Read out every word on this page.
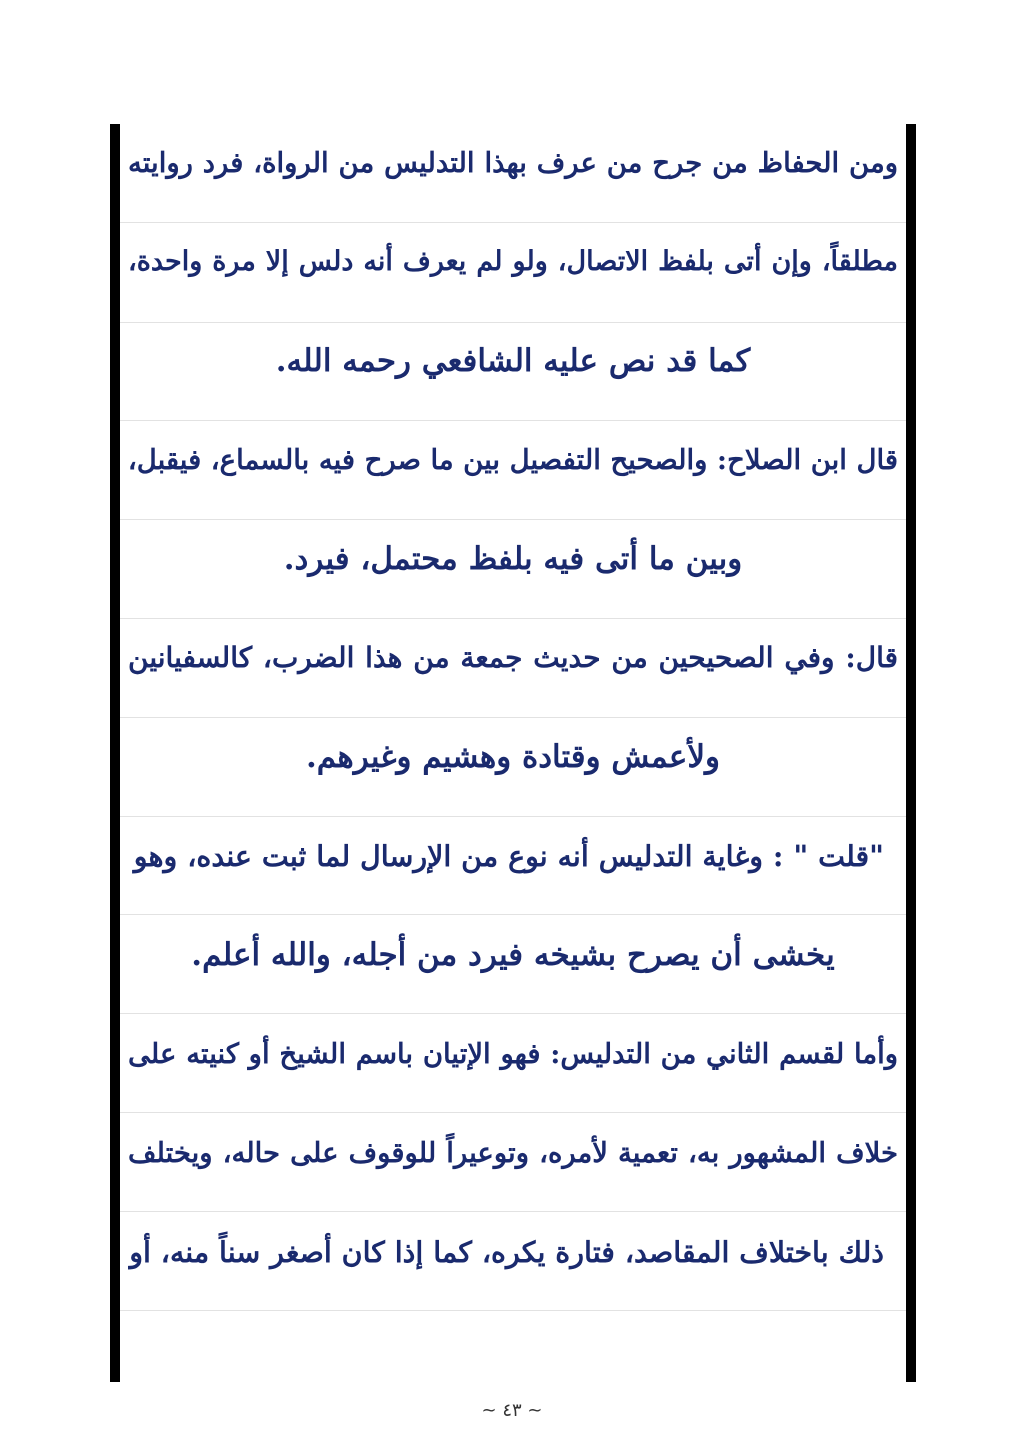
ومن الحفاظ من جرح من عرف بهذا التدليس من الرواة، فرد روايته
مطلقاً، وإن أتى بلفظ الاتصال، ولو لم يعرف أنه دلس إلا مرة واحدة،
كما قد نص عليه الشافعي رحمه الله.
قال ابن الصلاح: والصحيح التفصيل بين ما صرح فيه بالسماع، فيقبل،
وبين ما أتى فيه بلفظ محتمل، فيرد.
قال: وفي الصحيحين من حديث جمعة من هذا الضرب، كالسفيانين
ولأعمش وقتادة وهشيم وغيرهم.
"قلت " : وغاية التدليس أنه نوع من الإرسال لما ثبت عنده، وهو
يخشى أن يصرح بشيخه فيرد من أجله، والله أعلم.
وأما لقسم الثاني من التدليس: فهو الإتيان باسم الشيخ أو كنيته على
خلاف المشهور به، تعمية لأمره، وتوعيراً للوقوف على حاله، ويختلف
ذلك باختلاف المقاصد، فتارة يكره، كما إذا كان أصغر سناً منه، أو
~ ٤٣ ~
